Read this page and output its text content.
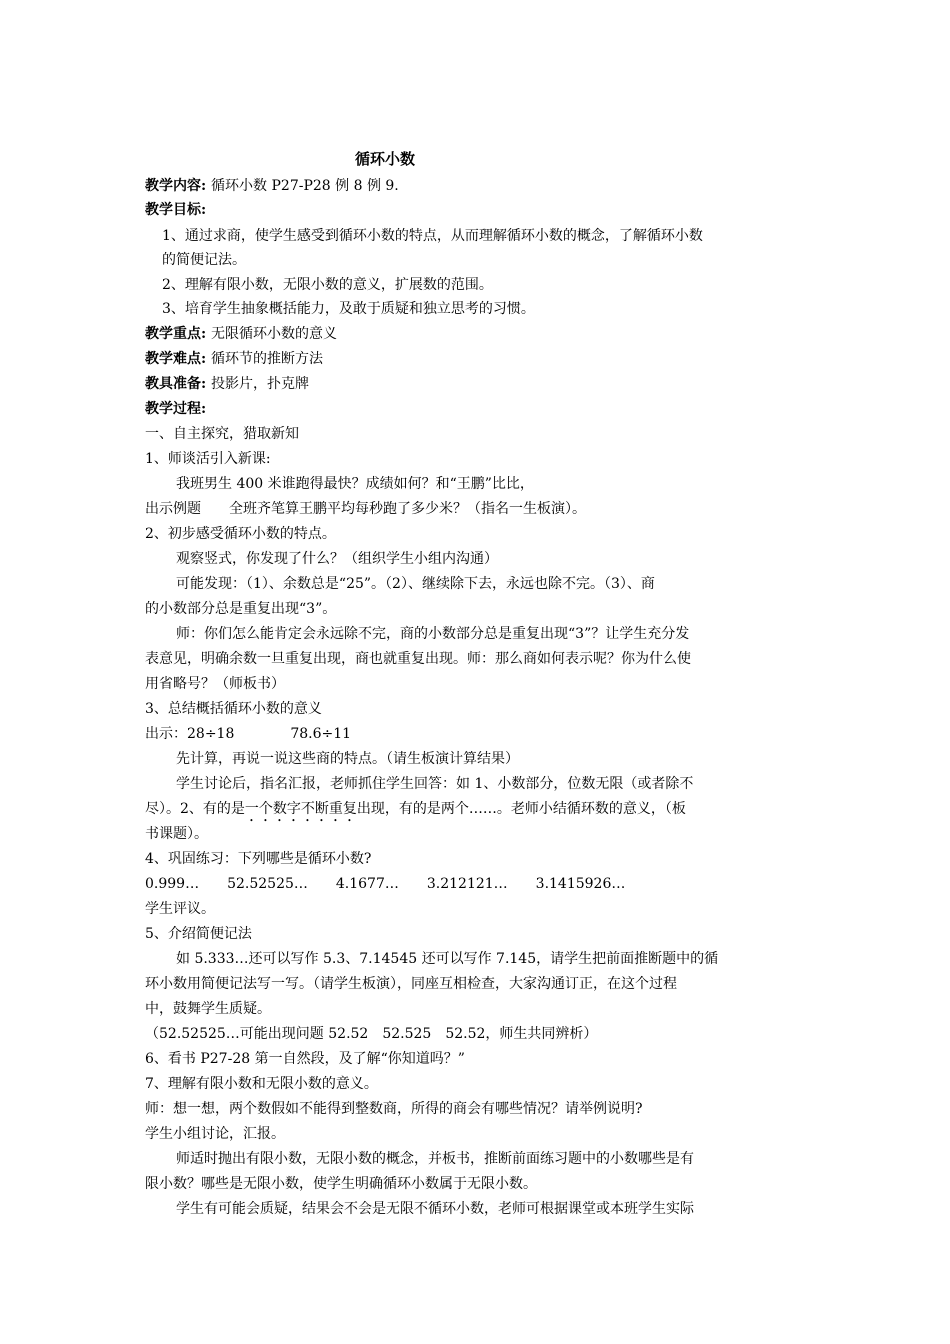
循环小数
教学内容: 循环小数 P27-P28 例 8 例 9.
教学目标:
1、通过求商，使学生感受到循环小数的特点，从而理解循环小数的概念，了解循环小数
的简便记法。
2、理解有限小数，无限小数的意义，扩展数的范围。
3、培育学生抽象概括能力，及敢于质疑和独立思考的习惯。
教学重点: 无限循环小数的意义
教学难点: 循环节的推断方法
教具准备: 投影片，扑克牌
教学过程:
一、自主探究，猎取新知
1、师谈活引入新课:
我班男生 400 米谁跑得最快？成绩如何？和“王鹏”比比，
出示例题　　全班齐笔算王鹏平均每秒跑了多少米？（指名一生板演）。
2、初步感受循环小数的特点。
观察竖式，你发现了什么？（组织学生小组内沟通）
可能发现：（1）、余数总是“25”。（2）、继续除下去，永远也除不完。（3）、商
的小数部分总是重复出现“3”。
师：你们怎么能肯定会永远除不完，商的小数部分总是重复出现“3”？让学生充分发
表意见，明确余数一旦重复出现，商也就重复出现。师：那么商如何表示呢？你为什么使
用省略号？（师板书）
3、总结概括循环小数的意义
出示：28÷18　　　　78.6÷11
先计算，再说一说这些商的特点。（请生板演计算结果）
学生讨论后，指名汇报，老师抓住学生回答：如 1、小数部分，位数无限（或者除不
尽）。2、有的是一个数字不断重复出现，有的是两个……。老师小结循环数的意义，（板
书课题）。
4、巩固练习：下列哪些是循环小数?
0.999…　　52.52525…　　4.1677…　　3.212121…　　3.1415926…
学生评议。
5、介绍简便记法
如 5.333…还可以写作 5.3、7.14545 还可以写作 7.145，请学生把前面推断题中的循
环小数用简便记法写一写。（请学生板演），同座互相检查，大家沟通订正，在这个过程
中，鼓舞学生质疑。
（52.52525…可能出现问题 52.52　52.525　52.52，师生共同辨析）
6、看书 P27-28 第一自然段，及了解“你知道吗？”
7、理解有限小数和无限小数的意义。
师：想一想，两个数假如不能得到整数商，所得的商会有哪些情况？请举例说明?
学生小组讨论，汇报。
师适时抛出有限小数，无限小数的概念，并板书，推断前面练习题中的小数哪些是有
限小数？哪些是无限小数，使学生明确循环小数属于无限小数。
学生有可能会质疑，结果会不会是无限不循环小数，老师可根据课堂或本班学生实际
